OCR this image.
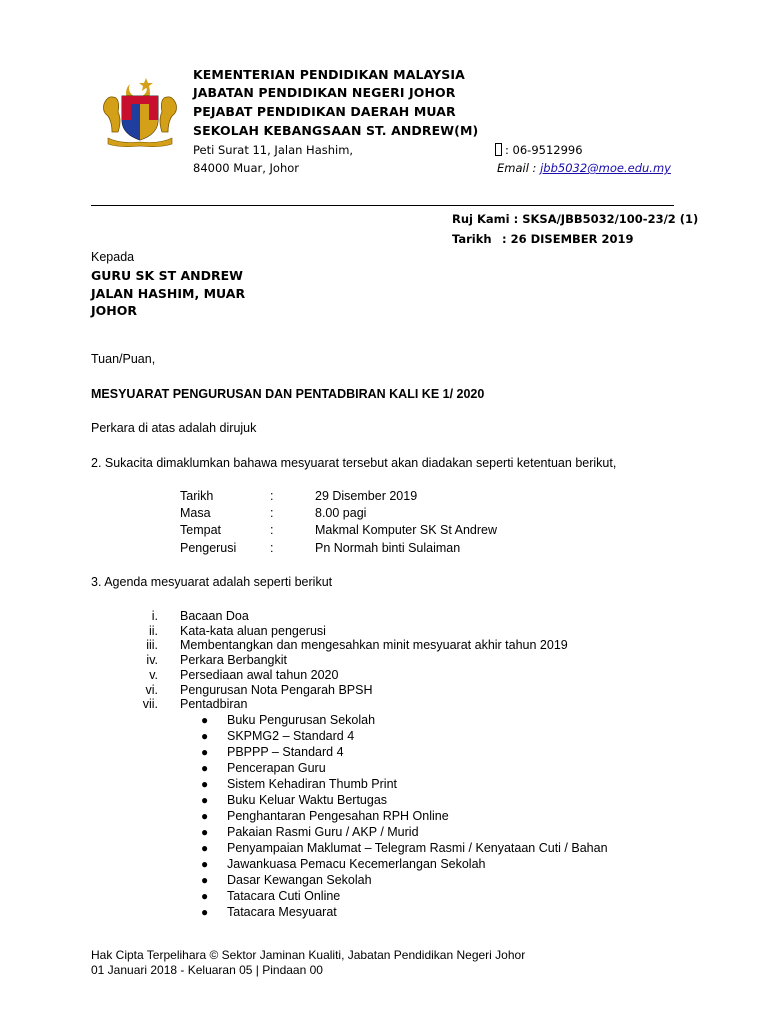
KEMENTERIAN PENDIDIKAN MALAYSIA
JABATAN PENDIDIKAN NEGERI JOHOR
PEJABAT PENDIDIKAN DAERAH MUAR
SEKOLAH KEBANGSAAN ST. ANDREW(M)
Peti Surat 11, Jalan Hashim,
84000 Muar, Johor
: 06-9512996
Email : jbb5032@moe.edu.my
Ruj Kami : SKSA/JBB5032/100-23/2 (1)
Tarikh : 26 DISEMBER 2019
Kepada
GURU SK ST ANDREW
JALAN HASHIM, MUAR
JOHOR
Tuan/Puan,
MESYUARAT PENGURUSAN DAN PENTADBIRAN KALI KE 1/ 2020
Perkara di atas adalah dirujuk
2. Sukacita dimaklumkan bahawa mesyuarat tersebut akan diadakan seperti ketentuan berikut,
Tarikh	:	29 Disember 2019
Masa	:	8.00 pagi
Tempat	:	Makmal Komputer SK St Andrew
Pengerusi	:	Pn Normah binti Sulaiman
3. Agenda mesyuarat adalah seperti berikut
i. Bacaan Doa
ii. Kata-kata aluan pengerusi
iii. Membentangkan dan mengesahkan minit mesyuarat akhir tahun 2019
iv. Perkara Berbangkit
v. Persediaan awal tahun 2020
vi. Pengurusan Nota Pengarah BPSH
vii. Pentadbiran
● Buku Pengurusan Sekolah
● SKPMG2 – Standard 4
● PBPPP – Standard 4
● Pencerapan Guru
● Sistem Kehadiran Thumb Print
● Buku Keluar Waktu Bertugas
● Penghantaran Pengesahan RPH Online
● Pakaian Rasmi Guru / AKP / Murid
● Penyampaian Maklumat – Telegram Rasmi / Kenyataan Cuti / Bahan
● Jawankuasa Pemacu Kecemerlangan Sekolah
● Dasar Kewangan Sekolah
● Tatacara Cuti Online
● Tatacara Mesyuarat
Hak Cipta Terpelihara © Sektor Jaminan Kualiti, Jabatan Pendidikan Negeri Johor
01 Januari 2018 - Keluaran 05 | Pindaan 00
